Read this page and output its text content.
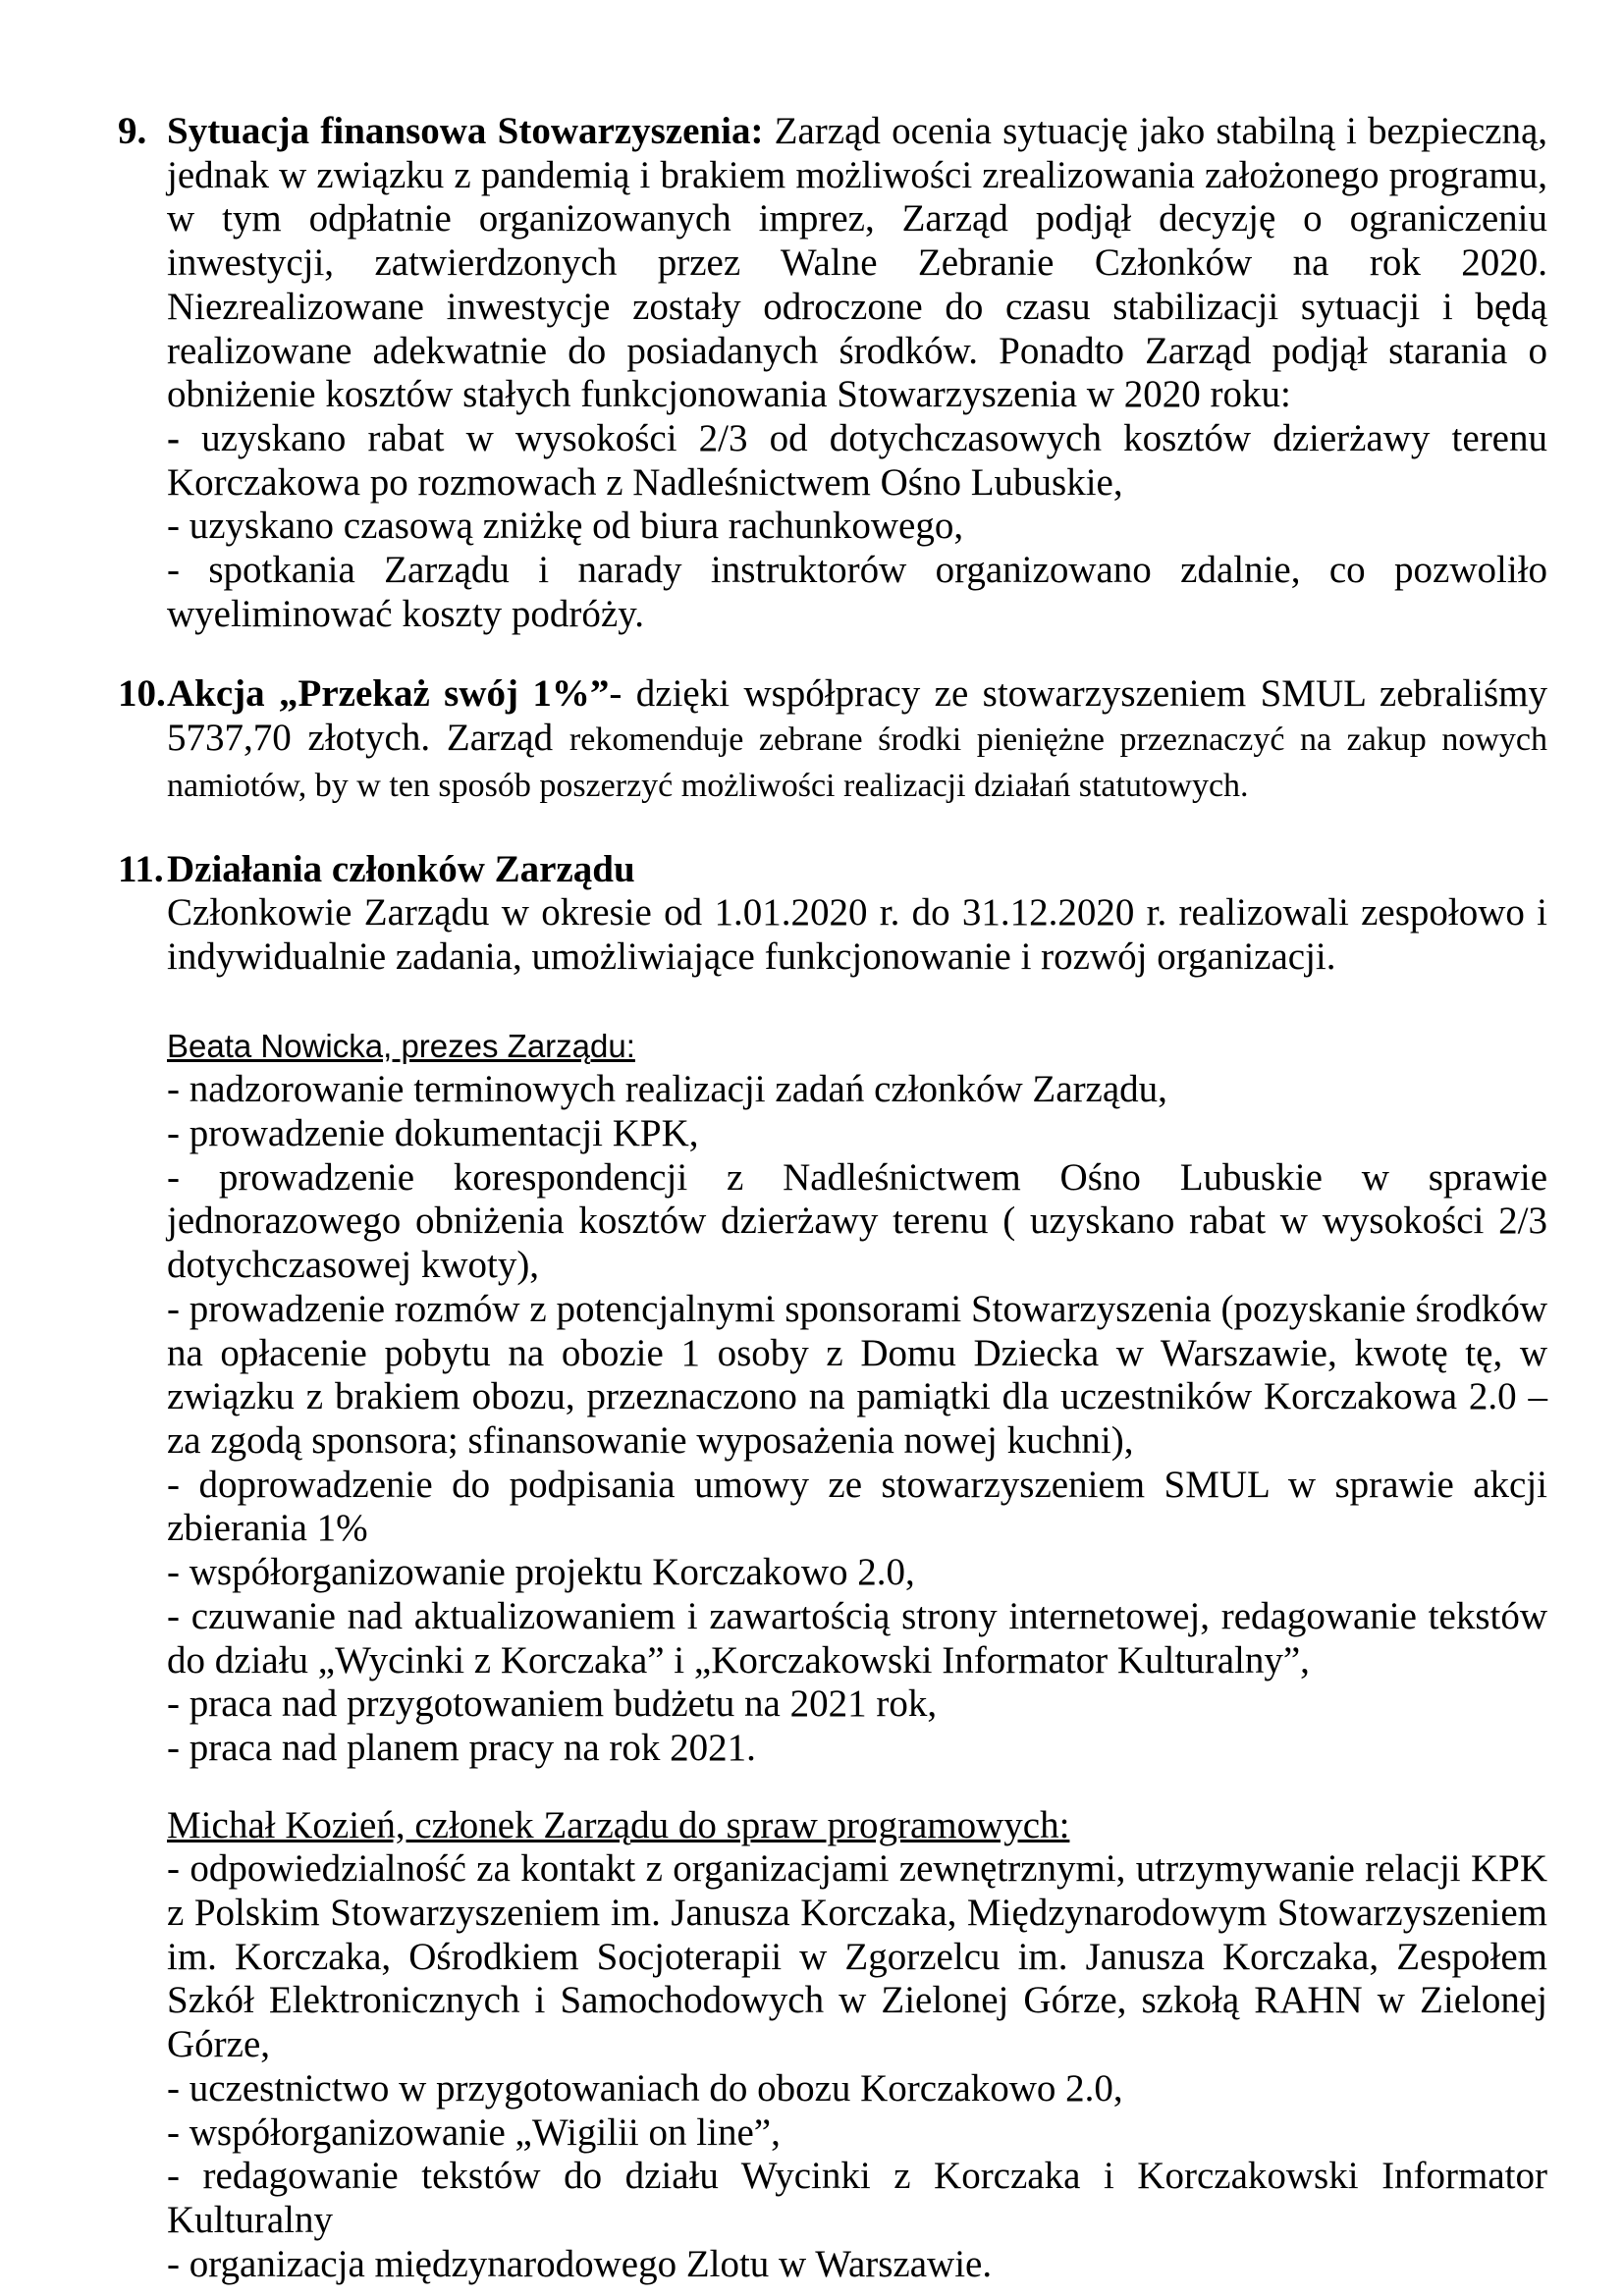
9. Sytuacja finansowa Stowarzyszenia: Zarząd ocenia sytuację jako stabilną i bezpieczną, jednak w związku z pandemią i brakiem możliwości zrealizowania założonego programu, w tym odpłatnie organizowanych imprez, Zarząd podjął decyzję o ograniczeniu inwestycji, zatwierdzonych przez Walne Zebranie Członków na rok 2020. Niezrealizowane inwestycje zostały odroczone do czasu stabilizacji sytuacji i będą realizowane adekwatnie do posiadanych środków. Ponadto Zarząd podjął starania o obniżenie kosztów stałych funkcjonowania Stowarzyszenia w 2020 roku:
- uzyskano rabat w wysokości 2/3 od dotychczasowych kosztów dzierżawy terenu Korczakowa po rozmowach z Nadleśnictwem Ośno Lubuskie,
- uzyskano czasową zniżkę od biura rachunkowego,
- spotkania Zarządu i narady instruktorów organizowano zdalnie, co pozwoliło wyeliminować koszty podróży.
10. Akcja „Przekaż swój 1%”- dzięki współpracy ze stowarzyszeniem SMUL zebraliśmy 5737,70 złotych. Zarząd rekomenduje zebrane środki pieniężne przeznaczyć na zakup nowych namiotów, by w ten sposób poszerzyć możliwości realizacji działań statutowych.
11. Działania członków Zarządu
Członkowie Zarządu w okresie od 1.01.2020 r. do 31.12.2020 r. realizowali zespołowo i indywidualnie zadania, umożliwiające funkcjonowanie i rozwój organizacji.
Beata Nowicka, prezes Zarządu:
- nadzorowanie terminowych realizacji zadań członków Zarządu,
- prowadzenie dokumentacji KPK,
- prowadzenie korespondencji z Nadleśnictwem Ośno Lubuskie w sprawie jednorazowego obniżenia kosztów dzierżawy terenu ( uzyskano rabat w wysokości 2/3 dotychczasowej kwoty),
- prowadzenie rozmów z potencjalnymi sponsorami Stowarzyszenia (pozyskanie środków na opłacenie pobytu na obozie 1 osoby z Domu Dziecka w Warszawie, kwotę tę, w związku z brakiem obozu, przeznaczono na pamiątki dla uczestników Korczakowa 2.0 – za zgodą sponsora; sfinansowanie wyposażenia nowej kuchni),
- doprowadzenie do podpisania umowy ze stowarzyszeniem SMUL w sprawie akcji zbierania 1%
- współorganizowanie projektu Korczakowo 2.0,
- czuwanie nad aktualizowaniem i zawartością strony internetowej, redagowanie tekstów do działu „Wycinki z Korczaka” i „Korczakowski Informator Kulturalny”,
- praca nad przygotowaniem budżetu na 2021 rok,
- praca nad planem pracy na rok 2021.
Michał Kozień, członek Zarządu do spraw programowych:
- odpowiedzialność za kontakt z organizacjami zewnętrznymi, utrzymywanie relacji KPK z Polskim Stowarzyszeniem im. Janusza Korczaka, Międzynarodowym Stowarzyszeniem im. Korczaka, Ośrodkiem Socjoterapii w Zgorzelcu im. Janusza Korczaka, Zespołem Szkół Elektronicznych i Samochodowych w Zielonej Górze, szkołą RAHN w Zielonej Górze,
- uczestnictwo w przygotowaniach do obozu Korczakowo 2.0,
- współorganizowanie „Wigilii on line”,
- redagowanie tekstów do działu Wycinki z Korczaka i Korczakowski Informator Kulturalny
- organizacja międzynarodowego Zlotu w Warszawie.
